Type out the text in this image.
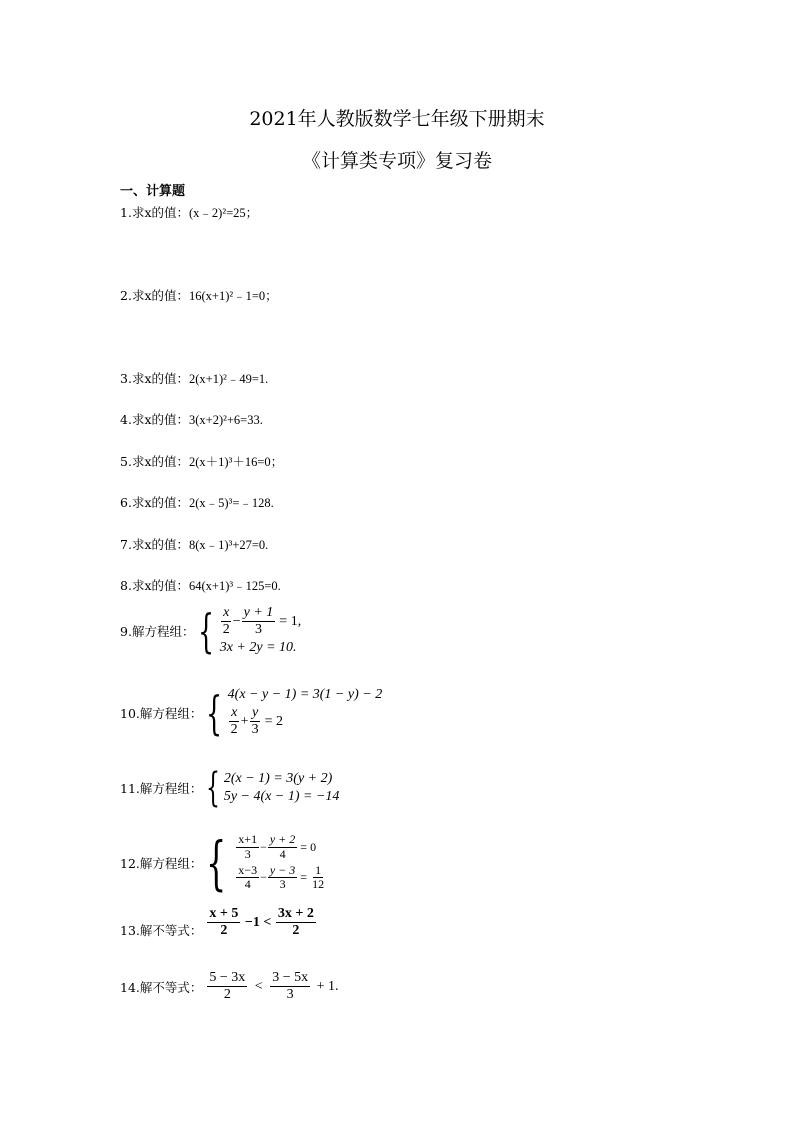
2021年人教版数学七年级下册期末
《计算类专项》复习卷
一、计算题
1.求x的值：(x﹣2)²=25；
2.求x的值：16(x+1)²﹣1=0；
3.求x的值：2(x+1)²﹣49=1.
4.求x的值：3(x+2)²+6=33.
5.求x的值：2(x＋1)³＋16=0；
6.求x的值：2(x﹣5)³=﹣128.
7.求x的值：8(x﹣1)³+27=0.
8.求x的值：64(x+1)³﹣125=0.
9.解方程组： { $\frac{x}{2} - \frac{y + 1}{3} = 1$,
3x + 2y = 10.
10.解方程组： { 4(x − y − 1) = 3(1 − y) − 2
$\frac{x}{2} + \frac{y}{3} = 2$
11.解方程组： { 2(x − 1) = 3(y + 2)
5y − 4(x − 1) = −14
12.解方程组： { $\frac{x+1}{3} - \frac{y + 2}{4} = 0$
$\frac{x-3}{4} - \frac{y - 3}{3} = \frac{1}{12}$
13.解不等式： $\frac{x + 5}{2} -1 < \frac{3x + 2}{2}$
14.解不等式： $\frac{5 - 3x}{2} < \frac{3 - 5x}{3} + 1$.
